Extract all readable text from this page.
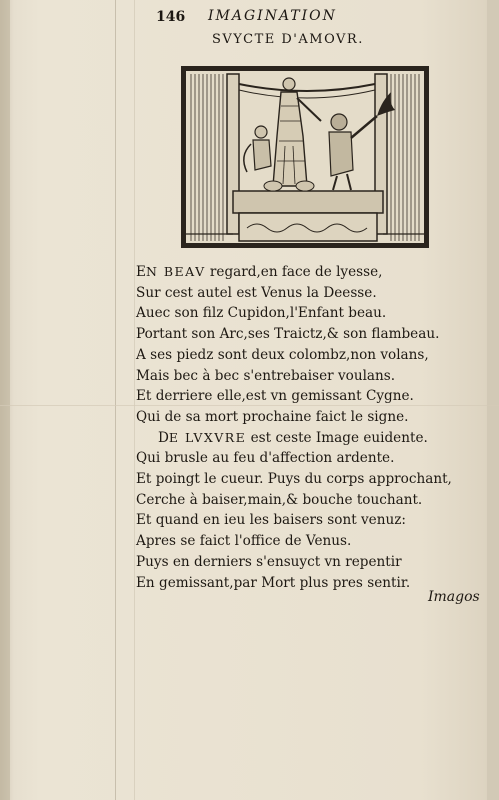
146 IMAGINATION
SVYCTE D'AMOVR.
EN BEAV regard,en face de lyesse,
Sur cest autel est Venus la Deesse.
Auec son filz Cupidon,l'Enfant beau.
Portant son Arc,ses Traictz,& son flambeau.
A ses piedz sont deux colombz,non volans,
Mais bec à bec s'entrebaiser voulans.
Et derriere elle,est vn gemissant Cygne.
Qui de sa mort prochaine faict le signe.
DE LVXVRE est ceste Image euidente.
Qui brusle au feu d'affection ardente.
Et poingt le cueur. Puys du corps approchant,
Cerche à baiser,main,& bouche touchant.
Et quand en ieu les baisers sont venuz:
Apres se faict l'office de Venus.
Puys en derniers s'ensuyct vn repentir
En gemissant,par Mort plus pres sentir.
Imagos
